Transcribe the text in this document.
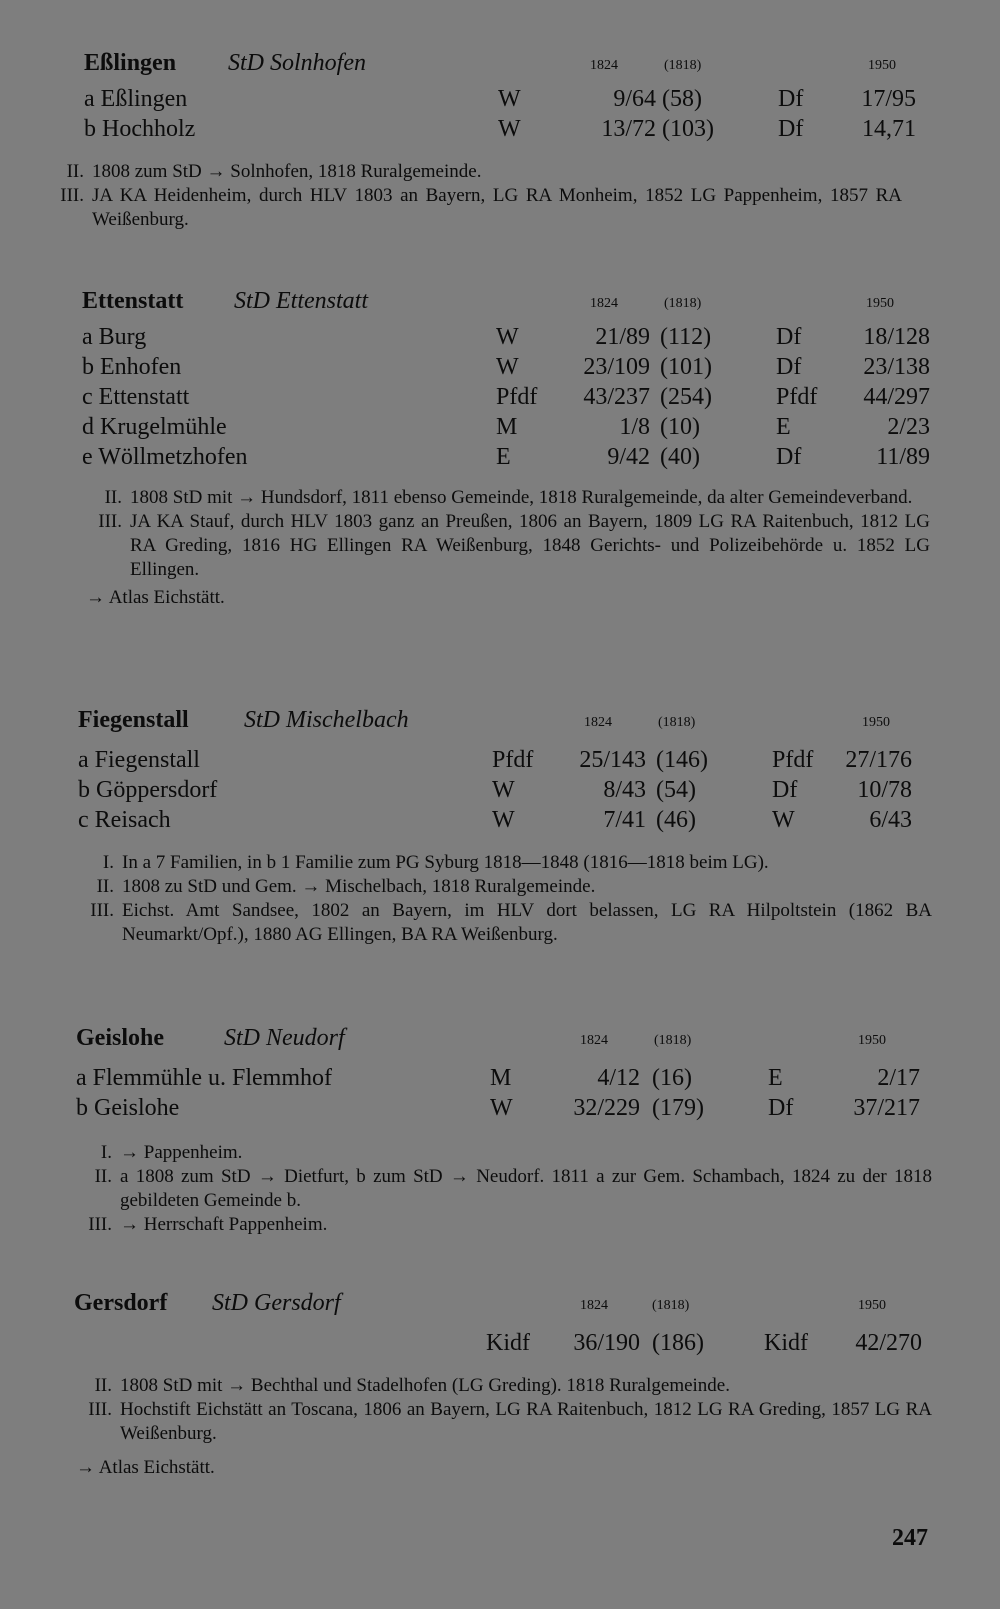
Eßlingen StD Solnhofen	1824	(1818)	1950
a Eßlingen	W	9/64 (58)	Df	17/95
b Hochholz	W	13/72 (103)	Df	14,71
II. 1808 zum StD → Solnhofen, 1818 Ruralgemeinde.
III. JA KA Heidenheim, durch HLV 1803 an Bayern, LG RA Monheim, 1852 LG Pappenheim, 1857 RA Weißenburg.
Ettenstatt StD Ettenstatt	1824	(1818)	1950
a Burg	W	21/89 (112)	Df	18/128
b Enhofen	W	23/109 (101)	Df	23/138
c Ettenstatt	Pfdf	43/237 (254)	Pfdf	44/297
d Krugelmühle	M	1/8 (10)	E	2/23
e Wöllmetzhofen	E	9/42 (40)	Df	11/89
II. 1808 StD mit → Hundsdorf, 1811 ebenso Gemeinde, 1818 Ruralgemeinde, da alter Gemeindeverband.
III. JA KA Stauf, durch HLV 1803 ganz an Preußen, 1806 an Bayern, 1809 LG RA Raitenbuch, 1812 LG RA Greding, 1816 HG Ellingen RA Weißenburg, 1848 Gerichts- und Polizeibehörde u. 1852 LG Ellingen.
→ Atlas Eichstätt.
Fiegenstall StD Mischelbach	1824	(1818)	1950
a Fiegenstall	Pfdf	25/143 (146)	Pfdf	27/176
b Göppersdorf	W	8/43 (54)	Df	10/78
c Reisach	W	7/41 (46)	W	6/43
I. In a 7 Familien, in b 1 Familie zum PG Syburg 1818—1848 (1816—1818 beim LG).
II. 1808 zu StD und Gem. → Mischelbach, 1818 Ruralgemeinde.
III. Eichst. Amt Sandsee, 1802 an Bayern, im HLV dort belassen, LG RA Hilpoltstein (1862 BA Neumarkt/Opf.), 1880 AG Ellingen, BA RA Weißenburg.
Geislohe	StD Neudorf	1824	(1818)	1950
a Flemmühle u. Flemmhof	M	4/12 (16)	E	2/17
b Geislohe	W	32/229 (179)	Df	37/217
I. → Pappenheim.
II. a 1808 zum StD → Dietfurt, b zum StD → Neudorf. 1811 a zur Gem. Schambach, 1824 zu der 1818 gebildeten Gemeinde b.
III. → Herrschaft Pappenheim.
Gersdorf StD Gersdorf	1824	(1818)	1950
Kidf	36/190 (186)	Kidf	42/270
II. 1808 StD mit → Bechthal und Stadelhofen (LG Greding). 1818 Ruralgemeinde.
III. Hochstift Eichstätt an Toscana, 1806 an Bayern, LG RA Raitenbuch, 1812 LG RA Greding, 1857 LG RA Weißenburg.
→ Atlas Eichstätt.
247
